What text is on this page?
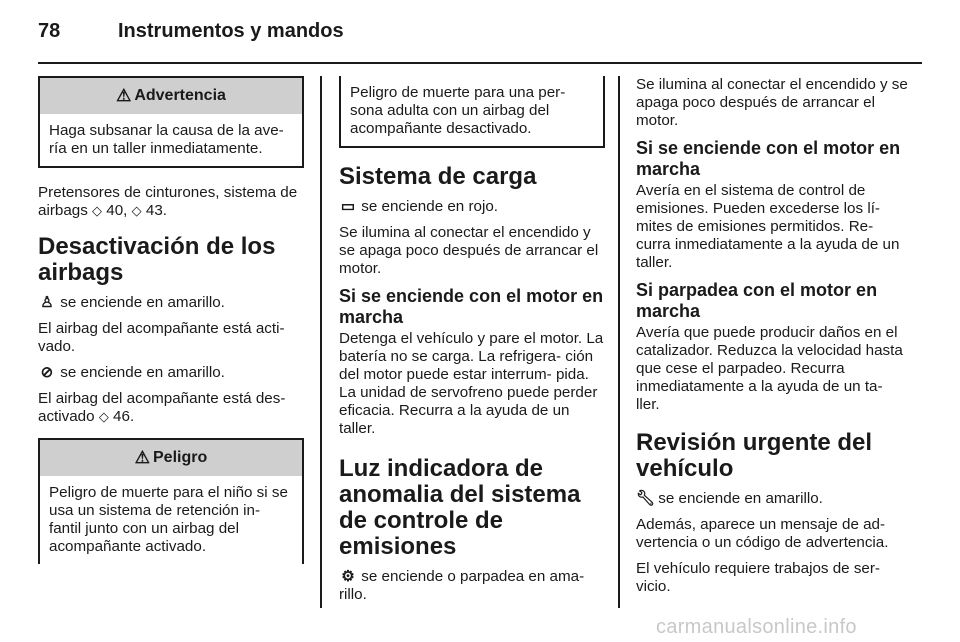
78	Instrumentos y mandos
⚠ Advertencia
Haga subsanar la causa de la ave- ría en un taller inmediatamente.

Pretensores de cinturones, sistema de airbags ◇ 40, ◇ 43.

Desactivación de los airbags

♙ se enciende en amarillo.

El airbag del acompañante está acti- vado.

⊘ se enciende en amarillo.

El airbag del acompañante está des- activado ◇ 46.

⚠ Peligro
Peligro de muerte para el niño si se usa un sistema de retención in- fantil junto con un airbag del acompañante activado.
Peligro de muerte para una per- sona adulta con un airbag del acompañante desactivado.
Sistema de carga

▭ se enciende en rojo.

Se ilumina al conectar el encendido y se apaga poco después de arrancar el motor.

Si se enciende con el motor en marcha

Detenga el vehículo y pare el motor. La batería no se carga. La refrigera- ción del motor puede estar interrum- pida. La unidad de servofreno puede perder eficacia. Recurra a la ayuda de un taller.

Luz indicadora de anomalia del sistema de controle de emisiones

⚙ se enciende o parpadea en ama- rillo.

Se ilumina al conectar el encendido y se apaga poco después de arrancar el motor.

Si se enciende con el motor en marcha

Avería en el sistema de control de emisiones. Pueden excederse los lí- mites de emisiones permitidos. Re- curra inmediatamente a la ayuda de un taller.

Si parpadea con el motor en marcha

Avería que puede producir daños en el catalizador. Reduzca la velocidad hasta que cese el parpadeo. Recurra inmediatamente a la ayuda de un ta- ller.

Revisión urgente del vehículo

🔧︎ se enciende en amarillo.

Además, aparece un mensaje de ad- vertencia o un código de advertencia.

El vehículo requiere trabajos de ser- vicio.

carmanualsonline.info
